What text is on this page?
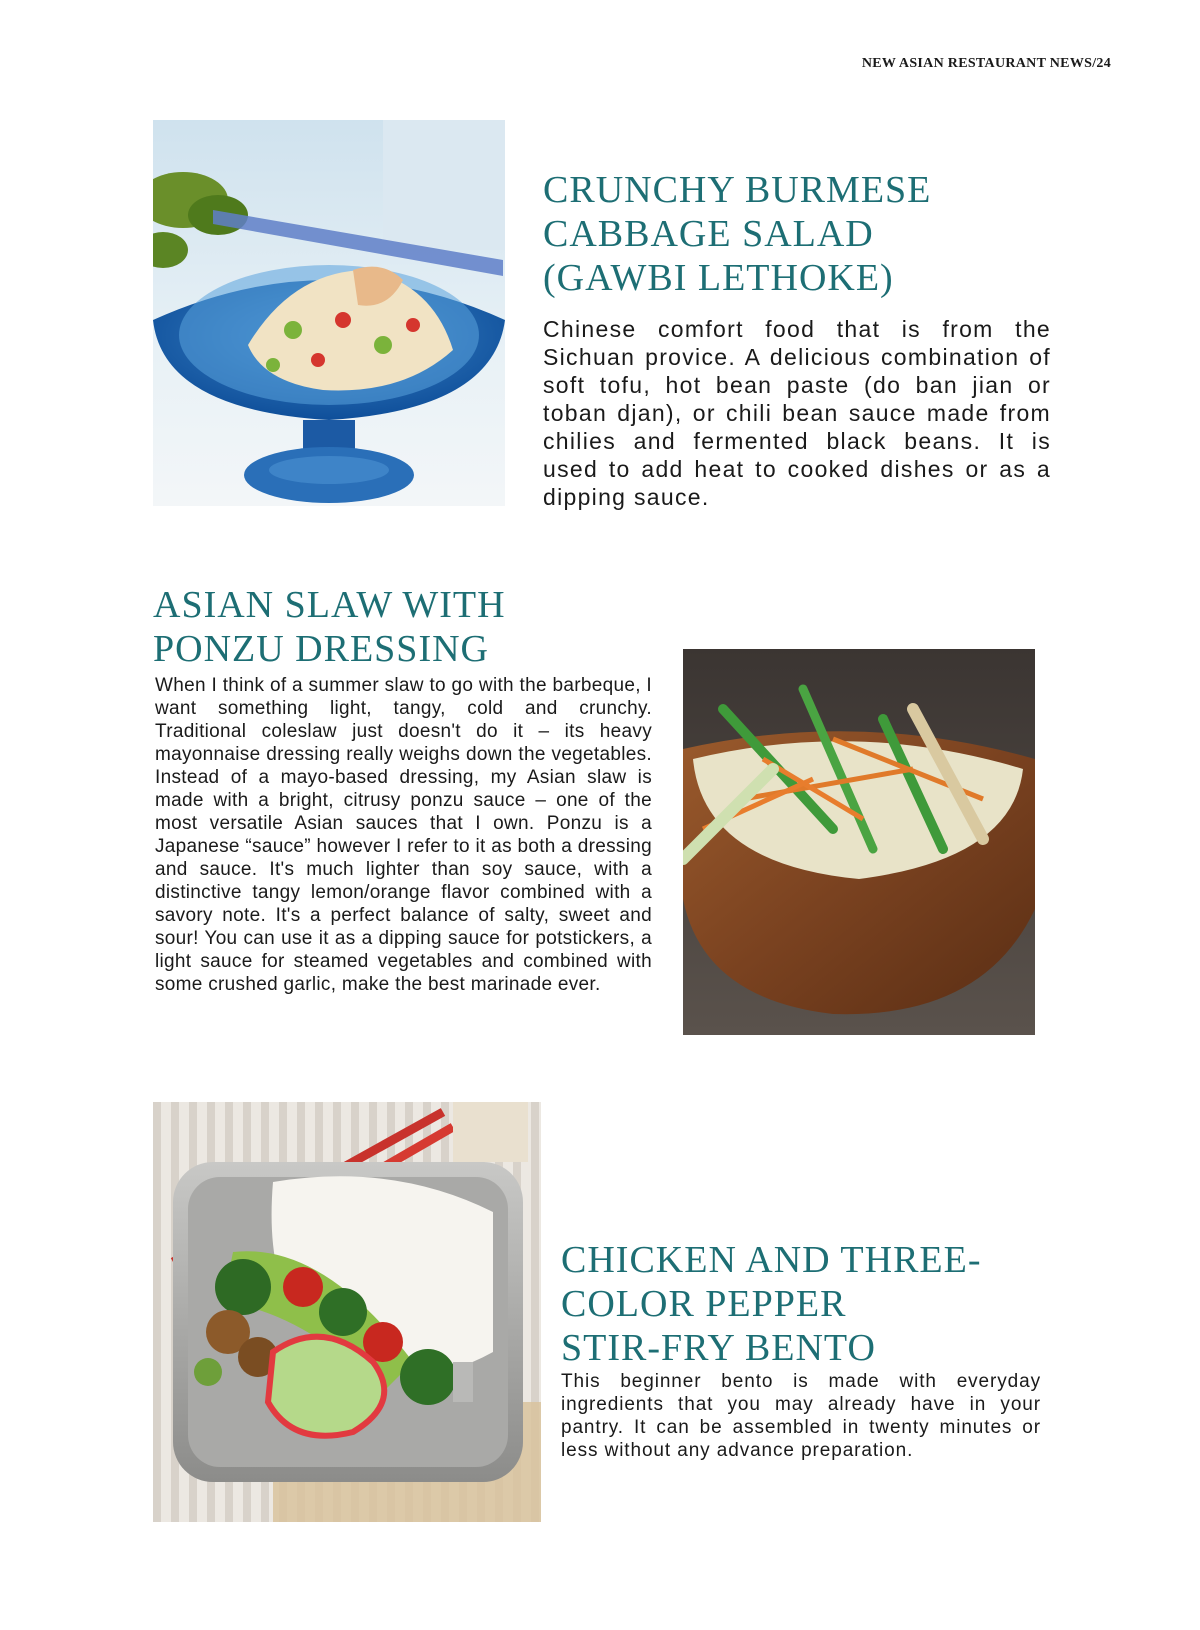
NEW ASIAN RESTAURANT NEWS/24
CRUNCHY BURMESE
CABBAGE SALAD
(GAWBI LETHOKE)

Chinese comfort food that is from the Sichuan provice. A delicious combination of soft tofu, hot bean paste (do ban jian or toban djan), or chili bean sauce made from chilies and fermented black beans. It is used to add heat to cooked dishes or as a dipping sauce.

ASIAN SLAW WITH
PONZU DRESSING

When I think of a summer slaw to go with the barbeque, I want something light, tangy, cold and crunchy. Traditional coleslaw just doesn't do it – its heavy mayonnaise dressing really weighs down the vegetables. Instead of a mayo-based dressing, my Asian slaw is made with a bright, citrusy ponzu sauce – one of the most versatile Asian sauces that I own. Ponzu is a Japanese “sauce” however I refer to it as both a dressing and sauce. It's much lighter than soy sauce, with a distinctive tangy lemon/orange flavor combined with a savory note. It's a perfect balance of salty, sweet and sour! You can use it as a dipping sauce for potstickers, a light sauce for steamed vegetables and combined with some crushed garlic, make the best marinade ever.

CHICKEN AND THREE-
COLOR PEPPER
STIR-FRY BENTO

This beginner bento is made with everyday ingredients that you may already have in your pantry. It can be assembled in twenty minutes or less without any advance preparation.
